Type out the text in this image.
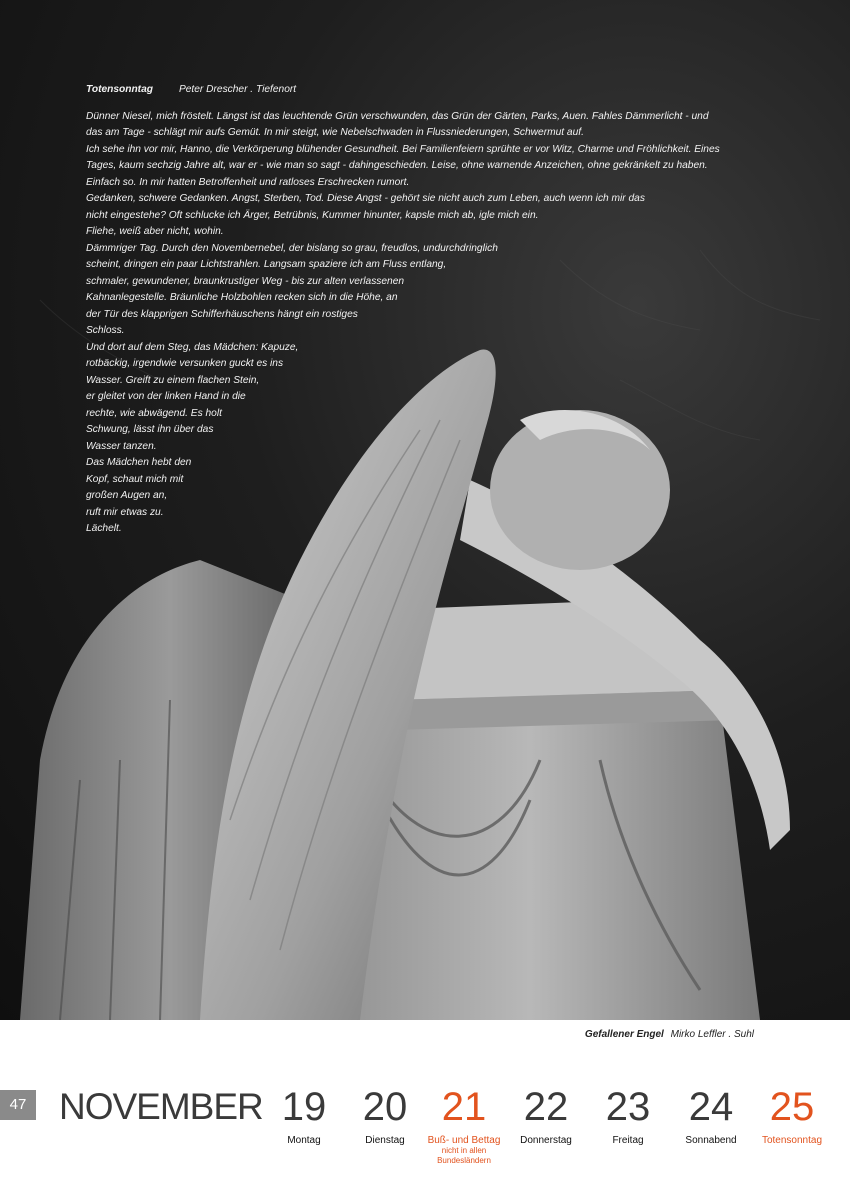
Totensonntag	Peter Drescher . Tiefenort
Dünner Niesel, mich fröstelt. Längst ist das leuchtende Grün verschwunden, das Grün der Gärten, Parks, Auen. Fahles Dämmerlicht - und
das am Tage - schlägt mir aufs Gemüt. In mir steigt, wie Nebelschwaden in Flussniederungen, Schwermut auf.
Ich sehe ihn vor mir, Hanno, die Verkörperung blühender Gesundheit. Bei Familienfeiern sprühte er vor Witz, Charme und Fröhlichkeit. Eines
Tages, kaum sechzig Jahre alt, war er - wie man so sagt - dahingeschieden. Leise, ohne warnende Anzeichen, ohne gekränkelt zu haben.
Einfach so. In mir hatten Betroffenheit und ratloses Erschrecken rumort.
Gedanken, schwere Gedanken. Angst, Sterben, Tod. Diese Angst - gehört sie nicht auch zum Leben, auch wenn ich mir das
nicht eingestehe? Oft schlucke ich Ärger, Betrübnis, Kummer hinunter, kapsle mich ab, igle mich ein.
Fliehe, weiß aber nicht, wohin.
Dämmriger Tag. Durch den Novembernebel, der bislang so grau, freudlos, undurchdringlich
scheint, dringen ein paar Lichtstrahlen. Langsam spaziere ich am Fluss entlang,
schmaler, gewundener, braunkrustiger Weg - bis zur alten verlassenen
Kahnanlegestelle. Bräunliche Holzbohlen recken sich in die Höhe, an
der Tür des klapprigen Schifferhäuschens hängt ein rostiges
Schloss.
Und dort auf dem Steg, das Mädchen: Kapuze,
rotbäckig, irgendwie versunken guckt es ins
Wasser. Greift zu einem flachen Stein,
er gleitet von der linken Hand in die
rechte, wie abwägend. Es holt
Schwung, lässt ihn über das
Wasser tanzen.
Das Mädchen hebt den
Kopf, schaut mich mit
großen Augen an,
ruft mir etwas zu.
Lächelt.
Gefallener Engel Mirko Leffler . Suhl
47 NOVEMBER 19
Montag
20
Dienstag
21
Buß- und Bettag
nicht in allen Bundesländern
22
Donnerstag
23
Freitag
24
Sonnabend
25
Totensonntag
